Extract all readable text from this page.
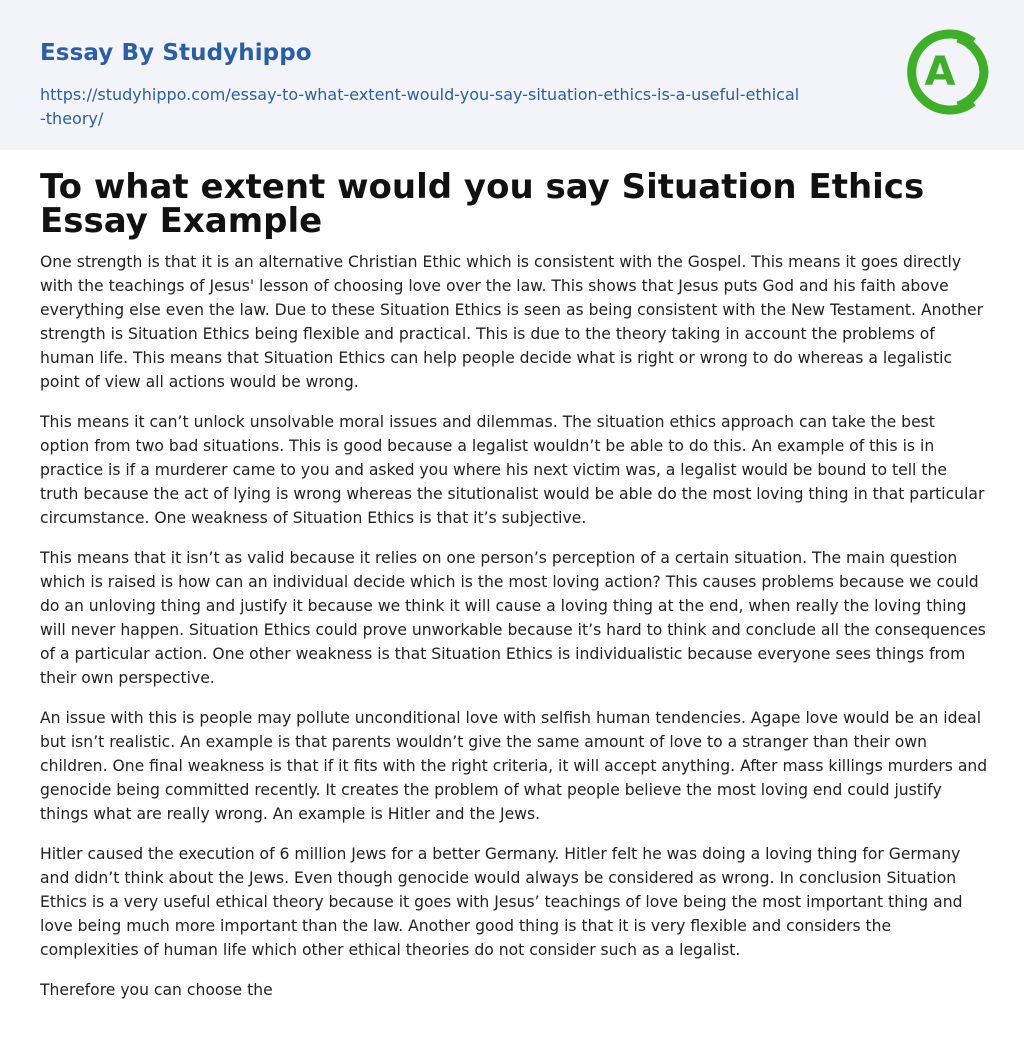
Essay By Studyhippo
https://studyhippo.com/essay-to-what-extent-would-you-say-situation-ethics-is-a-useful-ethical-theory/
A
To what extent would you say Situation Ethics Essay Example

One strength is that it is an alternative Christian Ethic which is consistent with the Gospel. This means it goes directly with the teachings of Jesus' lesson of choosing love over the law. This shows that Jesus puts God and his faith above everything else even the law. Due to these Situation Ethics is seen as being consistent with the New Testament. Another strength is Situation Ethics being flexible and practical. This is due to the theory taking in account the problems of human life. This means that Situation Ethics can help people decide what is right or wrong to do whereas a legalistic point of view all actions would be wrong.

This means it can’t unlock unsolvable moral issues and dilemmas. The situation ethics approach can take the best option from two bad situations. This is good because a legalist wouldn’t be able to do this. An example of this is in practice is if a murderer came to you and asked you where his next victim was, a legalist would be bound to tell the truth because the act of lying is wrong whereas the situtionalist would be able do the most loving thing in that particular circumstance. One weakness of Situation Ethics is that it’s subjective.

This means that it isn’t as valid because it relies on one person’s perception of a certain situation. The main question which is raised is how can an individual decide which is the most loving action? This causes problems because we could do an unloving thing and justify it because we think it will cause a loving thing at the end, when really the loving thing will never happen. Situation Ethics could prove unworkable because it’s hard to think and conclude all the consequences of a particular action. One other weakness is that Situation Ethics is individualistic because everyone sees things from their own perspective.

An issue with this is people may pollute unconditional love with selfish human tendencies. Agape love would be an ideal but isn’t realistic. An example is that parents wouldn’t give the same amount of love to a stranger than their own children. One final weakness is that if it fits with the right criteria, it will accept anything. After mass killings murders and genocide being committed recently. It creates the problem of what people believe the most loving end could justify things what are really wrong. An example is Hitler and the Jews.

Hitler caused the execution of 6 million Jews for a better Germany. Hitler felt he was doing a loving thing for Germany and didn’t think about the Jews. Even though genocide would always be considered as wrong. In conclusion Situation Ethics is a very useful ethical theory because it goes with Jesus’ teachings of love being the most important thing and love being much more important than the law. Another good thing is that it is very flexible and considers the complexities of human life which other ethical theories do not consider such as a legalist.

Therefore you can choose the
